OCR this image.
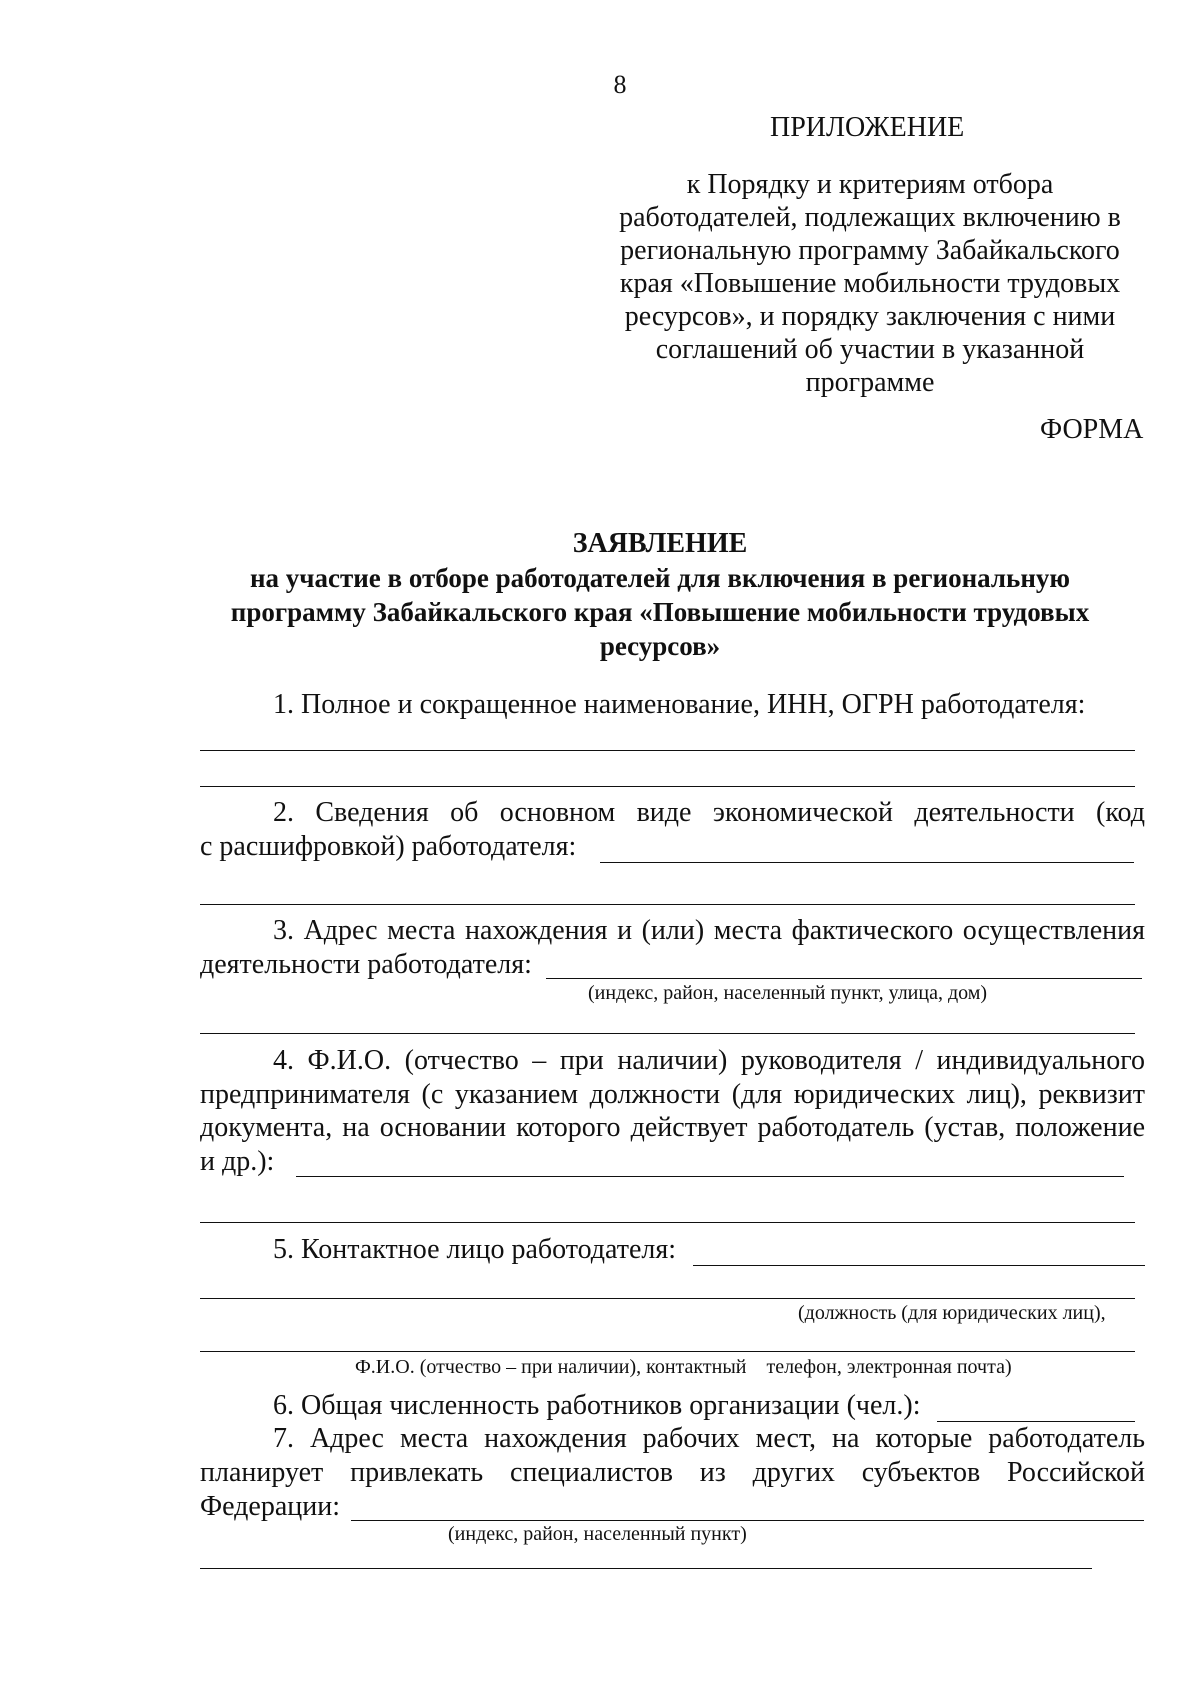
8
ПРИЛОЖЕНИЕ
к Порядку и критериям отбора
работодателей, подлежащих включению в
региональную программу Забайкальского
края «Повышение мобильности трудовых
ресурсов», и порядку заключения с ними
соглашений об участии в указанной
программе
ФОРМА
ЗАЯВЛЕНИЕ
на участие в отборе работодателей для включения в региональную
программу Забайкальского края «Повышение мобильности трудовых
ресурсов»
1. Полное и сокращенное наименование, ИНН, ОГРН работодателя:
2. Сведения об основном виде экономической деятельности (код
с расшифровкой) работодателя:
3. Адрес места нахождения и (или) места фактического осуществления
деятельности работодателя:
(индекс, район, населенный пункт, улица, дом)
4. Ф.И.О. (отчество – при наличии) руководителя / индивидуального
предпринимателя (с указанием должности (для юридических лиц), реквизит
документа, на основании которого действует работодатель (устав, положение
и др.):
5. Контактное лицо работодателя:
(должность (для юридических лиц),
Ф.И.О. (отчество – при наличии), контактный    телефон, электронная почта)
6. Общая численность работников организации (чел.):
7. Адрес места нахождения рабочих мест, на которые работодатель
планирует привлекать специалистов из других субъектов Российской
Федерации:
(индекс, район, населенный пункт)
